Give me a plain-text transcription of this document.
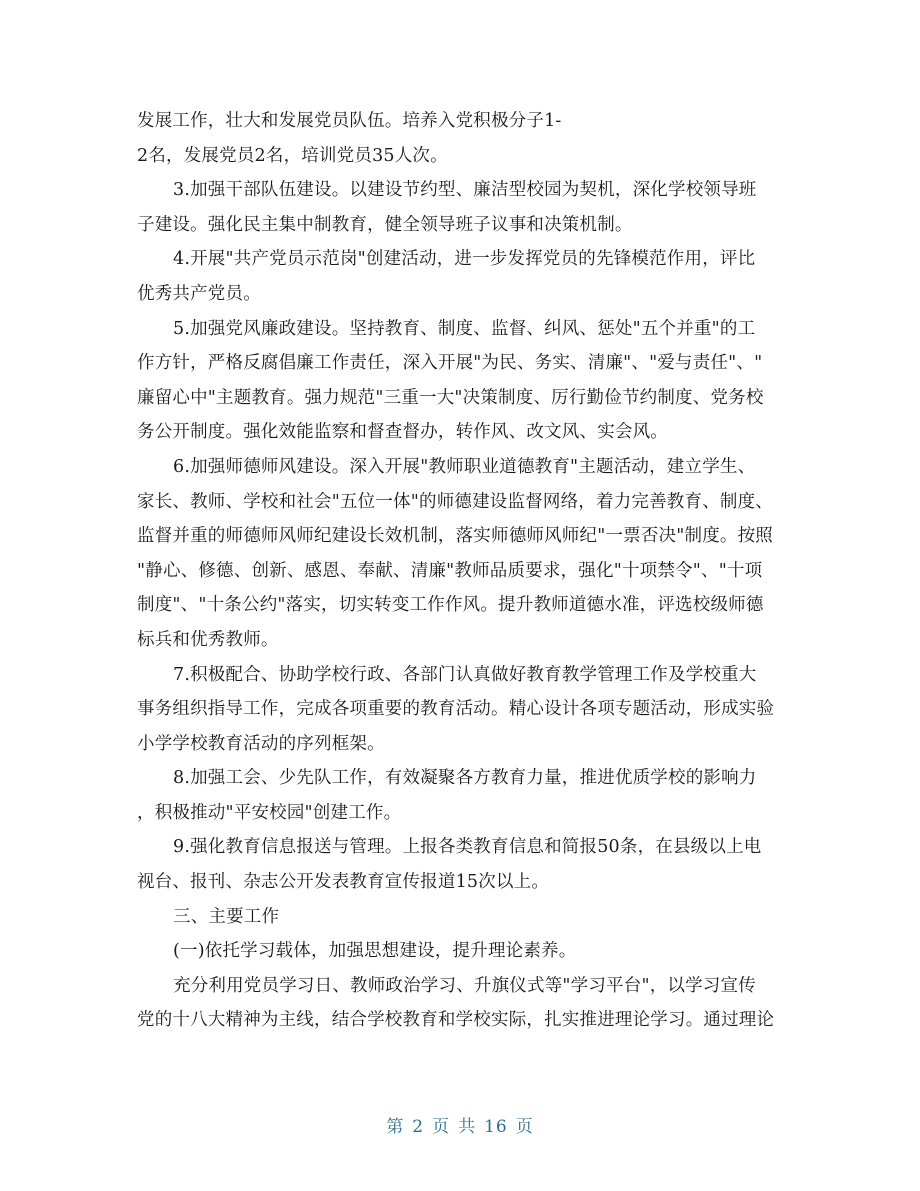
发展工作，壮大和发展党员队伍。培养入党积极分子1-
2名，发展党员2名，培训党员35人次。
3.加强干部队伍建设。以建设节约型、廉洁型校园为契机，深化学校领导班
子建设。强化民主集中制教育，健全领导班子议事和决策机制。
4.开展"共产党员示范岗"创建活动，进一步发挥党员的先锋模范作用，评比
优秀共产党员。
5.加强党风廉政建设。坚持教育、制度、监督、纠风、惩处"五个并重"的工
作方针，严格反腐倡廉工作责任，深入开展"为民、务实、清廉"、"爱与责任"、"
廉留心中"主题教育。强力规范"三重一大"决策制度、厉行勤俭节约制度、党务校
务公开制度。强化效能监察和督查督办，转作风、改文风、实会风。
6.加强师德师风建设。深入开展"教师职业道德教育"主题活动，建立学生、
家长、教师、学校和社会"五位一体"的师德建设监督网络，着力完善教育、制度、
监督并重的师德师风师纪建设长效机制，落实师德师风师纪"一票否决"制度。按照
"静心、修德、创新、感恩、奉献、清廉"教师品质要求，强化"十项禁令"、"十项
制度"、"十条公约"落实，切实转变工作作风。提升教师道德水准，评选校级师德
标兵和优秀教师。
7.积极配合、协助学校行政、各部门认真做好教育教学管理工作及学校重大
事务组织指导工作，完成各项重要的教育活动。精心设计各项专题活动，形成实验
小学学校教育活动的序列框架。
8.加强工会、少先队工作，有效凝聚各方教育力量，推进优质学校的影响力
，积极推动"平安校园"创建工作。
9.强化教育信息报送与管理。上报各类教育信息和简报50条，在县级以上电
视台、报刊、杂志公开发表教育宣传报道15次以上。
三、主要工作
(一)依托学习载体，加强思想建设，提升理论素养。
充分利用党员学习日、教师政治学习、升旗仪式等"学习平台"，以学习宣传
党的十八大精神为主线，结合学校教育和学校实际，扎实推进理论学习。通过理论
第 2 页 共 16 页
